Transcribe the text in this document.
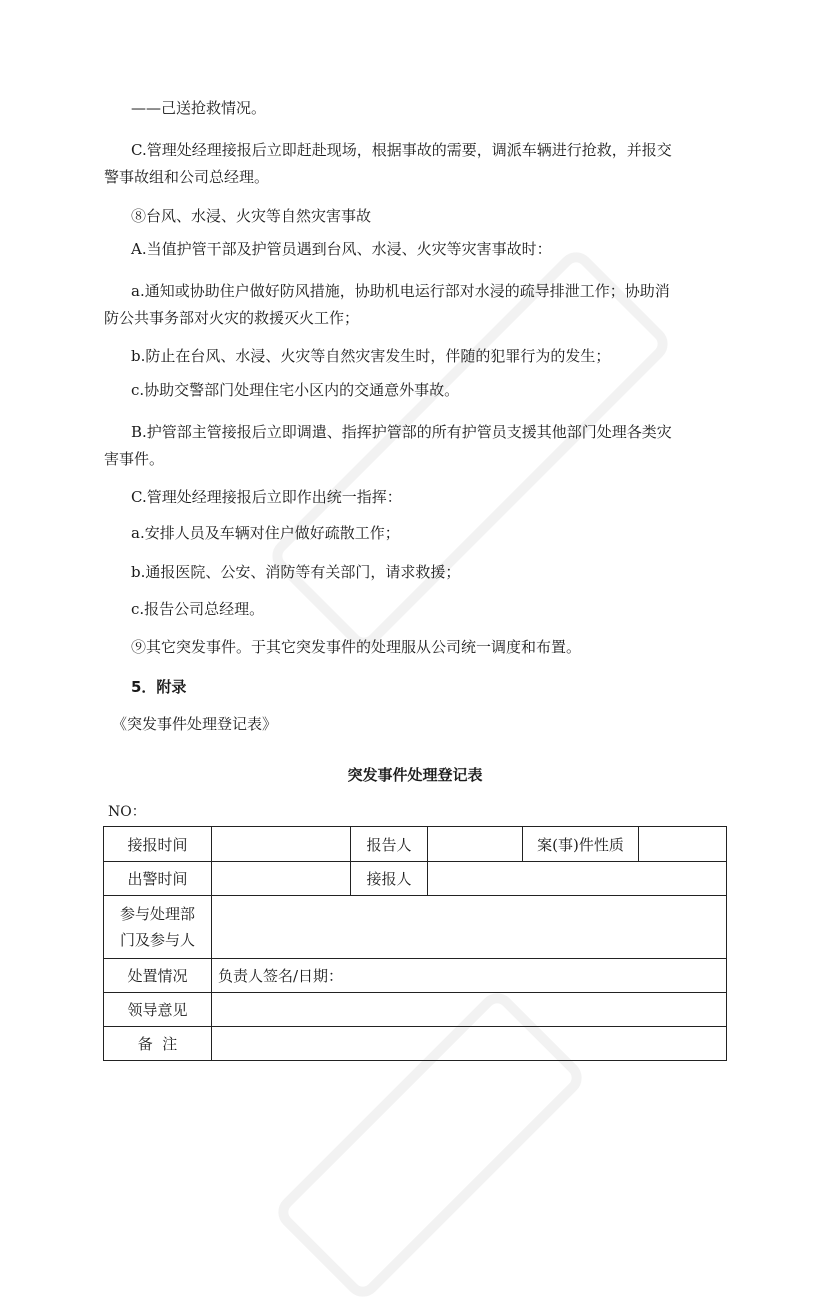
——己送抢救情况。
C.管理处经理接报后立即赶赴现场，根据事故的需要，调派车辆进行抢救，并报交
警事故组和公司总经理。
⑧台风、水浸、火灾等自然灾害事故
A.当值护管干部及护管员遇到台风、水浸、火灾等灾害事故时：
a.通知或协助住户做好防风措施，协助机电运行部对水浸的疏导排泄工作；协助消
防公共事务部对火灾的救援灭火工作；
b.防止在台风、水浸、火灾等自然灾害发生时，伴随的犯罪行为的发生；
c.协助交警部门处理住宅小区内的交通意外事故。
B.护管部主管接报后立即调遣、指挥护管部的所有护管员支援其他部门处理各类灾
害事件。
C.管理处经理接报后立即作出统一指挥：
a.安排人员及车辆对住户做好疏散工作；
b.通报医院、公安、消防等有关部门，请求救援；
c.报告公司总经理。
⑨其它突发事件。于其它突发事件的处理服从公司统一调度和布置。
5．附录
《突发事件处理登记表》
突发事件处理登记表
NO：
接报时间		报告人		案(事)件性质	
出警时间		接报人			

参与处理部
门及参与人					

处置情况	负责人签名/日期：				
领导意见					
备  注					
